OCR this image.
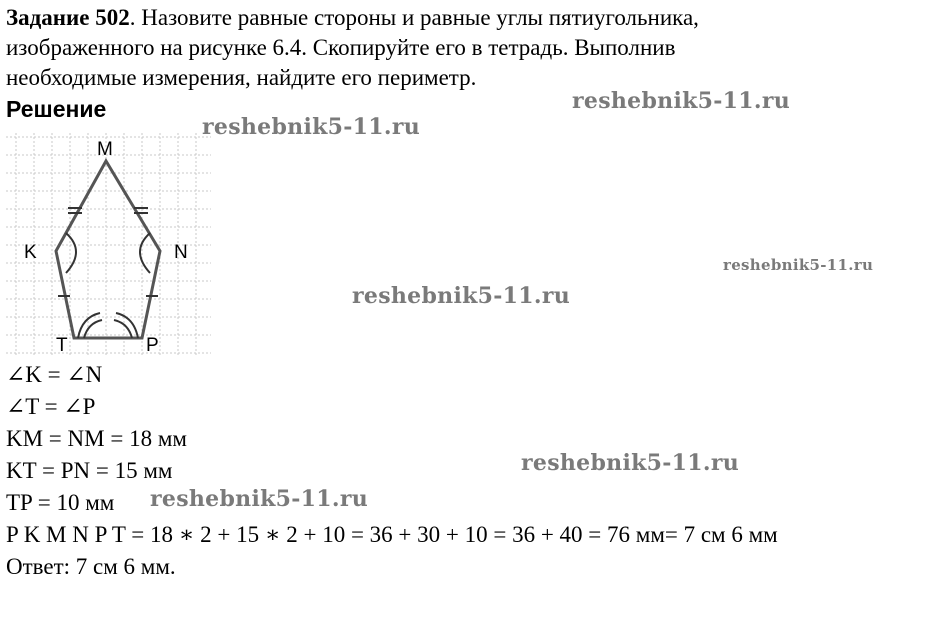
Задание 502. Назовите равные стороны и равные углы пятиугольника,
изображенного на рисунке 6.4. Скопируйте его в тетрадь. Выполнив
необходимые измерения, найдите его периметр.
Решение	reshebnik5-11.ru
reshebnik5-11.ru
reshebnik5-11.ru
reshebnik5-11.ru
reshebnik5-11.ru
reshebnik5-11.ru
M
K	N
T	P
∠K = ∠N
∠T = ∠P
KM = NM = 18 мм
KT = PN = 15 мм
TP = 10 мм
P K M N P T = 18 ∗ 2 + 15 ∗ 2 + 10 = 36 + 30 + 10 = 36 + 40 = 76 мм= 7 см 6 мм
Ответ: 7 см 6 мм.
